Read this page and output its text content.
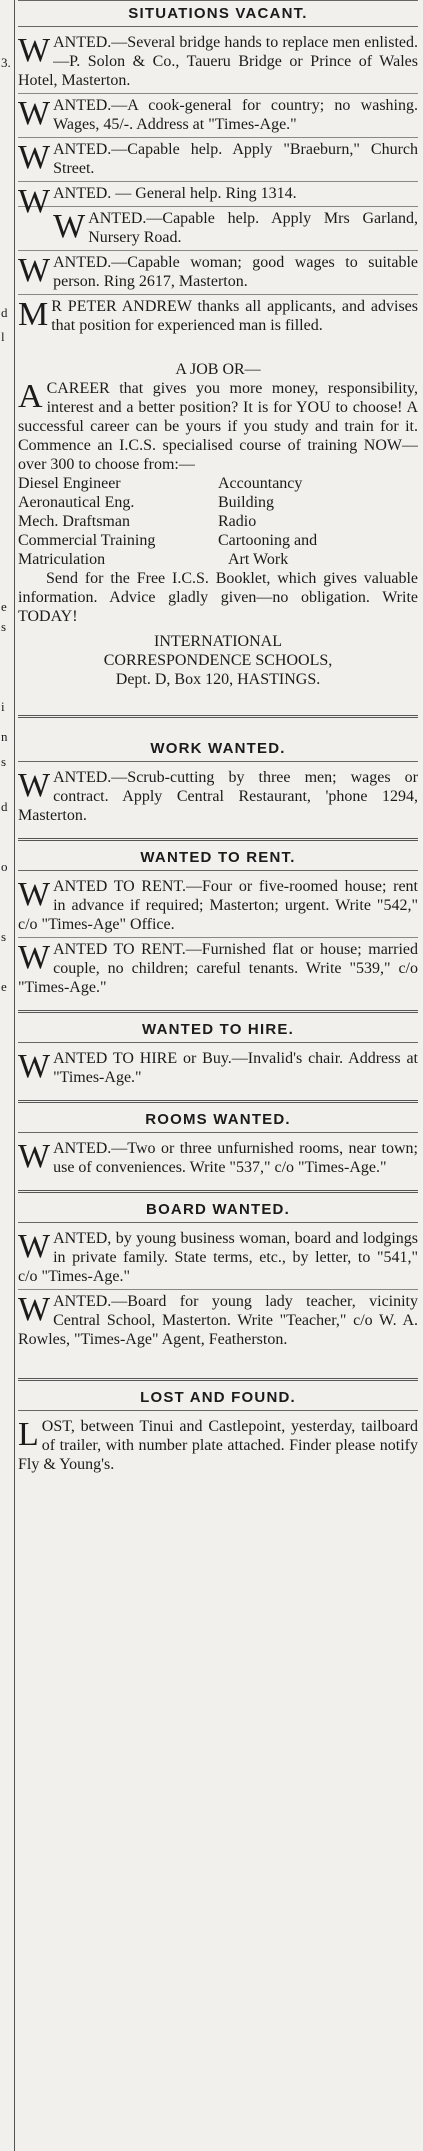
3.
d
l
e
s
i
n
s
d
o
s
e
SITUATIONS VACANT.

WANTED.—Several bridge hands to replace men enlisted.—P. Solon & Co., Taueru Bridge or Prince of Wales Hotel, Masterton.

WANTED.—A cook-general for country; no washing. Wages, 45/-. Address at "Times-Age."

WANTED.—Capable help. Apply "Braeburn," Church Street.

WANTED. — General help. Ring 1314.

WANTED.—Capable help. Apply Mrs Garland, Nursery Road.

WANTED.—Capable woman; good wages to suitable person. Ring 2617, Masterton.

MR PETER ANDREW thanks all applicants, and advises that position for experienced man is filled.

A JOB OR—

ACAREER that gives you more money, responsibility, interest and a better position? It is for YOU to choose! A successful career can be yours if you study and train for it. Commence an I.C.S. specialised course of training NOW—over 300 to choose from:—

Diesel Engineer	Accountancy
Aeronautical Eng.	Building
Mech. Draftsman	Radio
Commercial Training	Cartooning and
Matriculation	Art Work

Send for the Free I.C.S. Booklet, which gives valuable information. Advice gladly given—no obligation. Write TODAY!

INTERNATIONAL

CORRESPONDENCE SCHOOLS,

Dept. D, Box 120, HASTINGS.

WORK WANTED.

WANTED.—Scrub-cutting by three men; wages or contract. Apply Central Restaurant, 'phone 1294, Masterton.

WANTED TO RENT.

WANTED TO RENT.—Four or five-roomed house; rent in advance if required; Masterton; urgent. Write "542," c/o "Times-Age" Office.

WANTED TO RENT.—Furnished flat or house; married couple, no children; careful tenants. Write "539," c/o "Times-Age."

WANTED TO HIRE.

WANTED TO HIRE or Buy.—Invalid's chair. Address at "Times-Age."

ROOMS WANTED.

WANTED.—Two or three unfurnished rooms, near town; use of conveniences. Write "537," c/o "Times-Age."

BOARD WANTED.

WANTED, by young business woman, board and lodgings in private family. State terms, etc., by letter, to "541," c/o "Times-Age."

WANTED.—Board for young lady teacher, vicinity Central School, Masterton. Write "Teacher," c/o W. A. Rowles, "Times-Age" Agent, Featherston.

LOST AND FOUND.

LOST, between Tinui and Castlepoint, yesterday, tailboard of trailer, with number plate attached. Finder please notify Fly & Young's.
